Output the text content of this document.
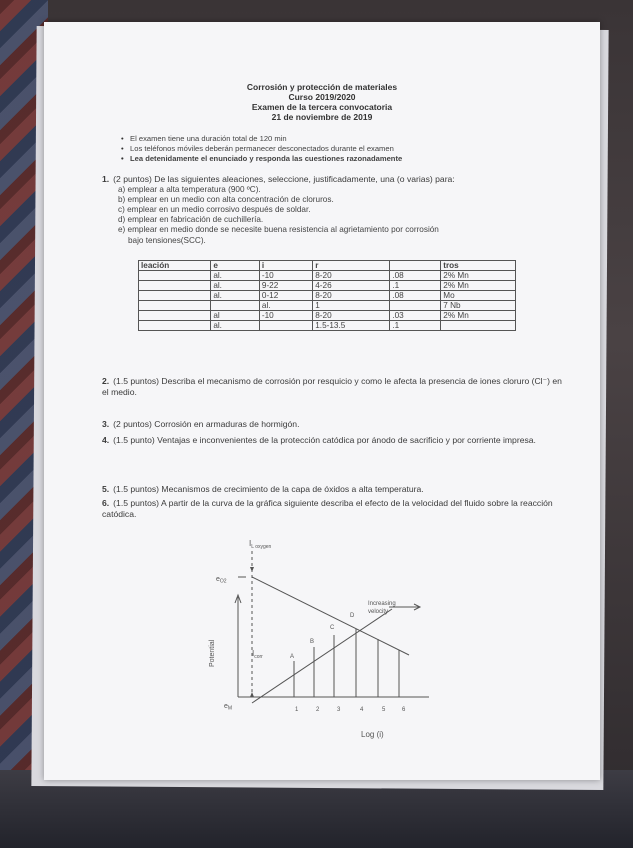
Corrosión y protección de materiales
Curso 2019/2020
Examen de la tercera convocatoria
21 de noviembre de 2019
• El examen tiene una duración total de 120 min
• Los teléfonos móviles deberán permanecer desconectados durante el examen
• Lea detenidamente el enunciado y responda las cuestiones razonadamente
1. (2 puntos) De las siguientes aleaciones, seleccione, justificadamente, una (o varias) para:
a) emplear a alta temperatura (900 ºC).
b) emplear en un medio con alta concentración de cloruros.
c) emplear en un medio corrosivo después de soldar.
d) emplear en fabricación de cuchillería.
e) emplear en medio donde se necesite buena resistencia al agrietamiento por corrosión
bajo tensiones(SCC).
leación	e	i	r		tros
	al.	-10	8-20	.08	2% Mn
	al.	9-22	4-26	.1	2% Mn
	al.	0-12	8-20	.08	Mo
		al.	1		7 Nb
	al	-10	8-20	.03	2% Mn
	al.		1.5-13.5	.1	
2. (1.5 puntos) Describa el mecanismo de corrosión por resquicio y como le afecta la presencia de iones cloruro (Cl⁻) en el medio.
3. (2 puntos) Corrosión en armaduras de hormigón.
4. (1.5 punto) Ventajas e inconvenientes de la protección catódica por ánodo de sacrificio y por corriente impresa.
5. (1.5 puntos) Mecanismos de crecimiento de la capa de óxidos a alta temperatura.
6. (1.5 puntos) A partir de la curva de la gráfica siguiente describa el efecto de la velocidad del fluido sobre la reacción catódica.
$I_{L oxygen}$
$e_{O2}$
$e_M$
Potential
Log (i)
$I_{corr}$
Increasing
velocity
A
B
C
D
1	2	3	4	5	6
